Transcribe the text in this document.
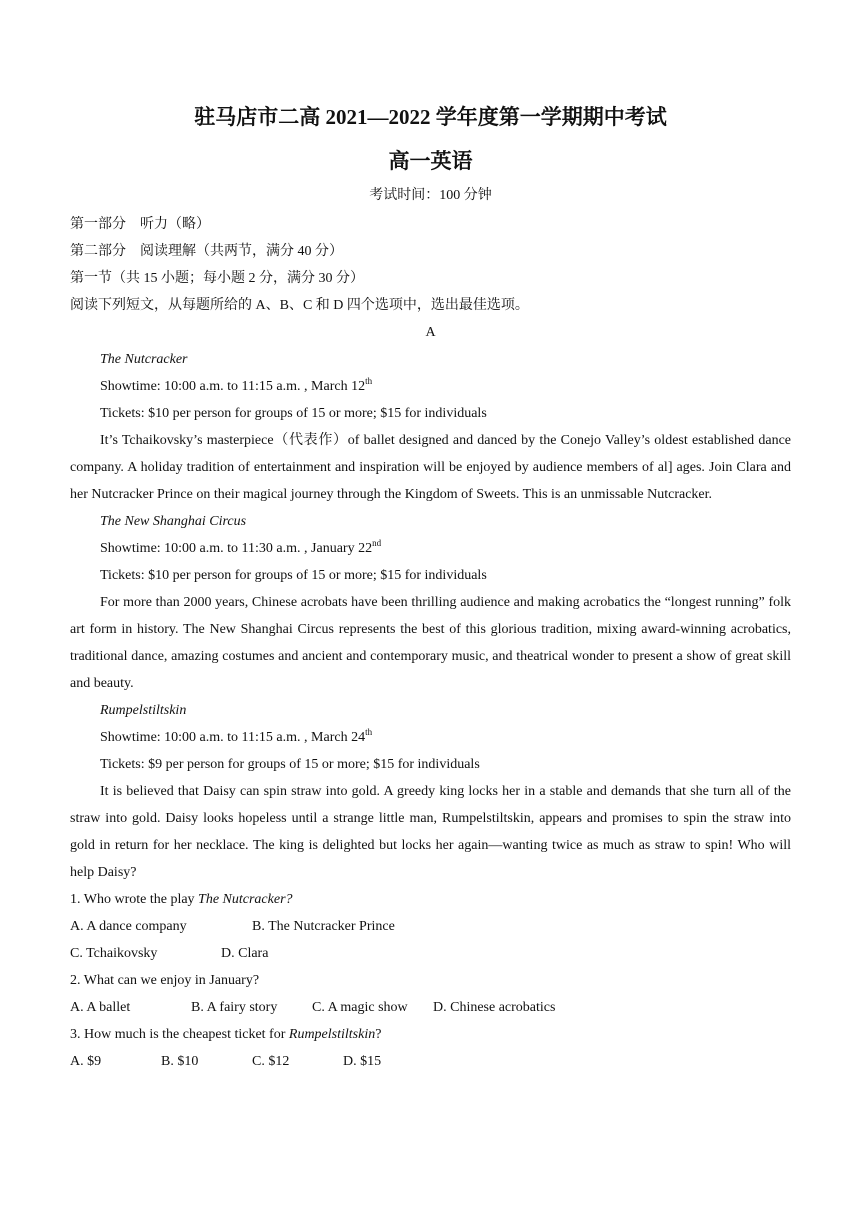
驻马店市二高 2021—2022 学年度第一学期期中考试
高一英语

考试时间：100 分钟

第一部分　听力（略）

第二部分　阅读理解（共两节，满分 40 分）

第一节（共 15 小题；每小题 2 分，满分 30 分）

阅读下列短文，从每题所给的 A、B、C 和 D 四个选项中，选出最佳选项。

A

The Nutcracker

Showtime: 10:00 a.m. to 11:15 a.m. , March 12th

Tickets: $10 per person for groups of 15 or more; $15 for individuals

It’s Tchaikovsky’s masterpiece（代表作）of ballet designed and danced by the Conejo Valley’s oldest established dance company. A holiday tradition of entertainment and inspiration will be enjoyed by audience members of al] ages. Join Clara and her Nutcracker Prince on their magical journey through the Kingdom of Sweets. This is an unmissable Nutcracker.

The New Shanghai Circus

Showtime: 10:00 a.m. to 11:30 a.m. , January 22nd

Tickets: $10 per person for groups of 15 or more; $15 for individuals

For more than 2000 years, Chinese acrobats have been thrilling audience and making acrobatics the “longest running” folk art form in history. The New Shanghai Circus represents the best of this glorious tradition, mixing award-winning acrobatics, traditional dance, amazing costumes and ancient and contemporary music, and theatrical wonder to present a show of great skill and beauty.

Rumpelstiltskin

Showtime: 10:00 a.m. to 11:15 a.m. , March 24th

Tickets: $9 per person for groups of 15 or more; $15 for individuals

It is believed that Daisy can spin straw into gold. A greedy king locks her in a stable and demands that she turn all of the straw into gold. Daisy looks hopeless until a strange little man, Rumpelstiltskin, appears and promises to spin the straw into gold in return for her necklace. The king is delighted but locks her again—wanting twice as much as straw to spin! Who will help Daisy?

1. Who wrote the play The Nutcracker?

A. A dance company	B. The Nutcracker Prince

C. Tchaikovsky	D. Clara

2. What can we enjoy in January?

A. A ballet	B. A fairy story C. A magic show D. Chinese acrobatics

3. How much is the cheapest ticket for Rumpelstiltskin?

A. $9	B. $10	C. $12	D. $15
